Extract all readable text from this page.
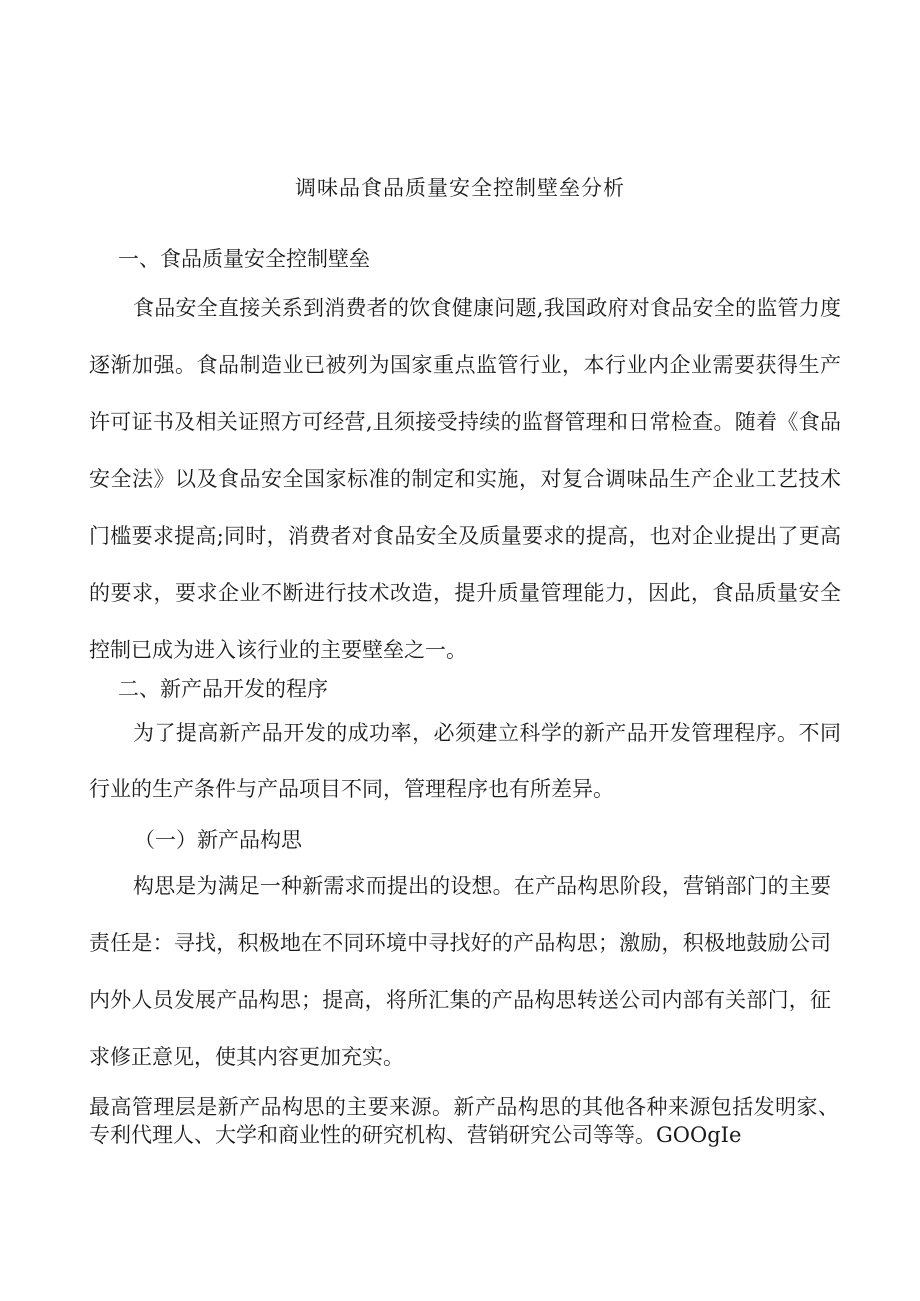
调味品食品质量安全控制壁垒分析
一、食品质量安全控制壁垒

食品安全直接关系到消费者的饮食健康问题,我国政府对食品安全的监管力度逐渐加强。食品制造业已被列为国家重点监管行业，本行业内企业需要获得生产许可证书及相关证照方可经营,且须接受持续的监督管理和日常检查。随着《食品安全法》以及食品安全国家标准的制定和实施，对复合调味品生产企业工艺技术门槛要求提高;同时，消费者对食品安全及质量要求的提高，也对企业提出了更高的要求，要求企业不断进行技术改造，提升质量管理能力，因此，食品质量安全控制已成为进入该行业的主要壁垒之一。

二、新产品开发的程序

为了提高新产品开发的成功率，必须建立科学的新产品开发管理程序。不同行业的生产条件与产品项目不同，管理程序也有所差异。

（一）新产品构思

构思是为满足一种新需求而提出的设想。在产品构思阶段，营销部门的主要责任是：寻找，积极地在不同环境中寻找好的产品构思；激励，积极地鼓励公司内外人员发展产品构思；提高，将所汇集的产品构思转送公司内部有关部门，征求修正意见，使其内容更加充实。

最高管理层是新产品构思的主要来源。新产品构思的其他各种来源包括发明家、专利代理人、大学和商业性的研究机构、营销研究公司等等。GOOgIe
